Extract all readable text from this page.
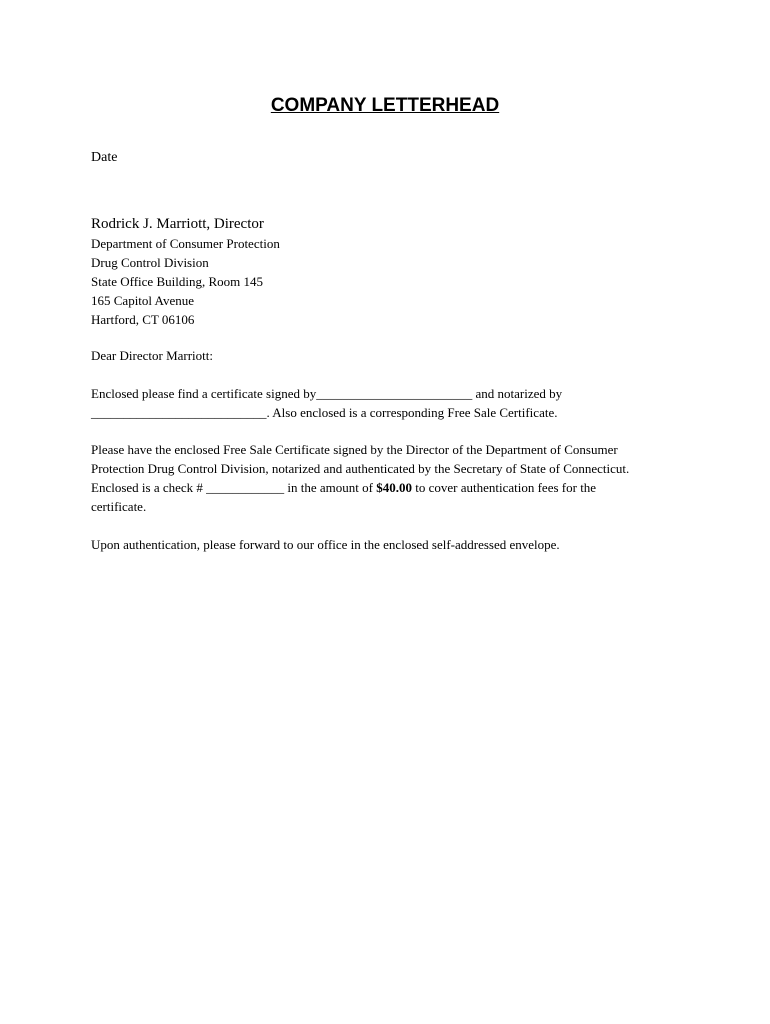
COMPANY LETTERHEAD
Date
Rodrick J. Marriott, Director
Department of Consumer Protection
Drug Control Division
State Office Building, Room 145
165 Capitol Avenue
Hartford, CT 06106
Dear Director Marriott:
Enclosed please find a certificate signed by________________________ and notarized by
___________________________. Also enclosed is a corresponding Free Sale Certificate.
Please have the enclosed Free Sale Certificate signed by the Director of the Department of Consumer
Protection Drug Control Division, notarized and authenticated by the Secretary of State of Connecticut.
Enclosed is a check # ____________ in the amount of $40.00 to cover authentication fees for the
certificate.
Upon authentication, please forward to our office in the enclosed self-addressed envelope.
